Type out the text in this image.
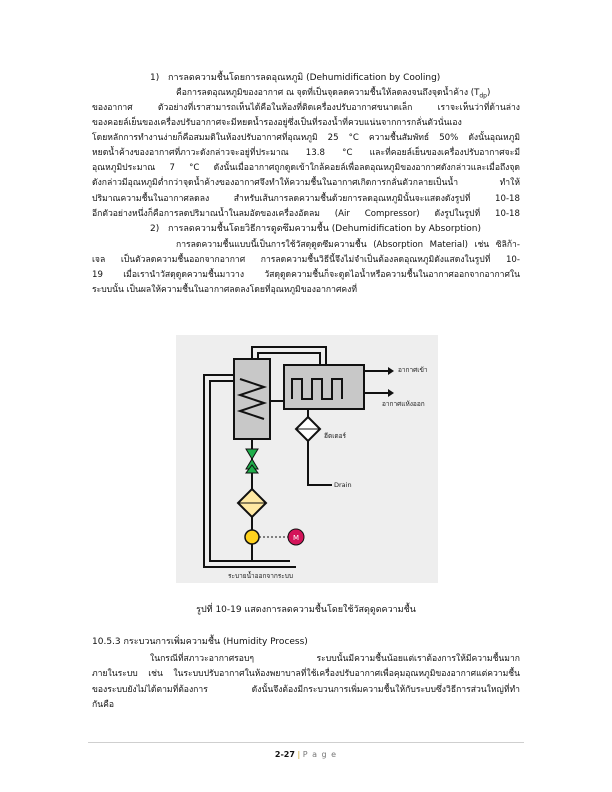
1) การลดความชื้นโดยการลดอุณหภูมิ (Dehumidification by Cooling)
คือการลดอุณหภูมิของอากาศ ณ จุดที่เป็นจุดลดความชื้นให้ลดลงจนถึงจุดน้ำค้าง $(T_{dp})$
ของอากาศ ตัวอย่างที่เราสามารถเห็นได้คือในห้องที่ติดเครื่องปรับอากาศขนาดเล็ก เราจะเห็นว่าที่ด้านล่าง
ของคอยล์เย็นของเครื่องปรับอากาศจะมีหยดน้ำรองอยู่ซึ่งเป็นที่รองน้ำที่ควบแน่นจากการกลั่นตัวนั่นเอง
โดยหลักการทำงานง่ายก็คือสมมติในห้องปรับอากาศที่อุณหภูมิ 25 °C ความชื้นสัมพัทธ์ 50% ดังนั้นอุณหภูมิ
หยดน้ำค้างของอากาศที่ภาวะดังกล่าวจะอยู่ที่ประมาณ 13.8 °C และที่คอยล์เย็นของเครื่องปรับอากาศจะมี
อุณหภูมิประมาณ 7 °C ดังนั้นเมื่ออากาศถูกดูดเข้าใกล้คอยล์เพื่อลดอุณหภูมิของอากาศดังกล่าวและเมื่อถึงจุด
ดังกล่าวมีอุณหภูมิต่ำกว่าจุดน้ำค้างของอากาศจึงทำให้ความชื้นในอากาศเกิดการกลั่นตัวกลายเป็นน้ำ ทำให้
ปริมาณความชื้นในอากาศลดลง สำหรับเส้นการลดความชื้นด้วยการลดอุณหภูมินั้นจะแสดงดังรูปที่ 10-18
อีกตัวอย่างหนึ่งก็คือการลดปริมาณน้ำในลมอัดของเครื่องอัดลม (Air Compressor) ดังรูปในรูปที่ 10-18
2) การลดความชื้นโดยวิธีการดูดซึมความชื้น (Dehumidification by Absorption)
การลดความชื้นแบบนี้เป็นการใช้วัสดุดูดซึมความชื้น (Absorption Material) เช่น ซิลิก้า-
เจล เป็นตัวลดความชื้นออกจากอากาศ การลดความชื้นวิธีนี้จึงไม่จำเป็นต้องลดอุณหภูมิดังแสดงในรูปที่ 10-
19 เมื่อเรานำวัสดุดูดความชื้นมาวาง วัสดุดูดความชื้นก็จะดูดไอน้ำหรือความชื้นในอากาศออกจากอากาศใน
ระบบนั้น เป็นผลให้ความชื้นในอากาศลดลงโดยที่อุณหภูมิของอากาศคงที่
M
อากาศเข้า
อากาศแห้งออก
ฮีตเตอร์
Drain
ระบายน้ำออกจากระบบ
รูปที่ 10-19 แสดงการลดความชื้นโดยใช้วัสดุดูดความชื้น
10.5.3 กระบวนการเพิ่มความชื้น (Humidity Process)
ในกรณีที่สภาวะอากาศรอบๆ ระบบนั้นมีความชื้นน้อยแต่เราต้องการให้มีความชื้นมาก
ภายในระบบ เช่น ในระบบปรับอากาศในห้องพยาบาลที่ใช้เครื่องปรับอากาศเพื่อคุมอุณหภูมิของอากาศแต่ความชื้น
ของระบบยังไม่ได้ตามที่ต้องการ ดังนั้นจึงต้องมีกระบวนการเพิ่มความชื้นให้กับระบบซึ่งวิธีการส่วนใหญ่ที่ทำ
กันคือ
2-27 | P a g e
